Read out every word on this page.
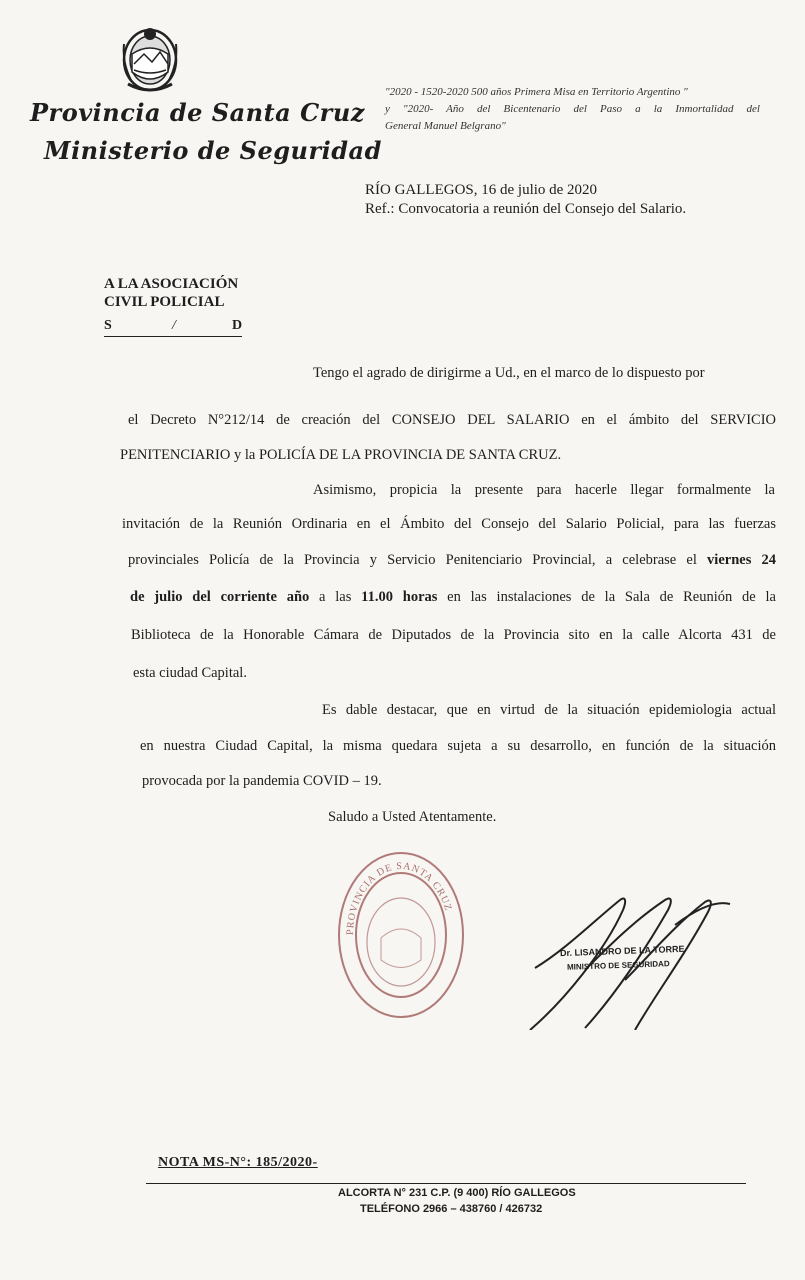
Provincia de Santa Cruz
Ministerio de Seguridad
"2020 - 1520-2020 500 años Primera Misa en Territorio Argentino "
y "2020- Año del Bicentenario del Paso a la Inmortalidad del
General Manuel Belgrano"
RÍO GALLEGOS, 16 de julio de 2020
Ref.: Convocatoria a reunión del Consejo del Salario.
A LA ASOCIACIÓN
CIVIL POLICIAL
S	/	D
Tengo el agrado de dirigirme a Ud., en el marco de lo dispuesto por
el Decreto N°212/14 de creación del CONSEJO DEL SALARIO en el ámbito del SERVICIO
PENITENCIARIO y la POLICÍA DE LA PROVINCIA DE SANTA CRUZ.
Asimismo, propicia la presente para hacerle llegar formalmente la
invitación de la Reunión Ordinaria en el Ámbito del Consejo del Salario Policial, para las fuerzas
provinciales Policía de la Provincia y Servicio Penitenciario Provincial, a celebrase el viernes 24
de julio del corriente año a las 11.00 horas en las instalaciones de la Sala de Reunión de la
Biblioteca de la Honorable Cámara de Diputados de la Provincia sito en la calle Alcorta 431 de
esta ciudad Capital.
Es dable destacar, que en virtud de la situación epidemiologia actual
en nuestra Ciudad Capital, la misma quedara sujeta a su desarrollo, en función de la situación
provocada por la pandemia COVID – 19.
Saludo a Usted Atentamente.
PROVINCIA DE SANTA CRUZ
Dr. LISANDRO DE LA TORRE
MINISTRO DE SEGURIDAD
NOTA MS-N°: 185/2020-
ALCORTA N° 231 C.P. (9 400) RÍO GALLEGOS
TELÉFONO 2966 – 438760 / 426732
